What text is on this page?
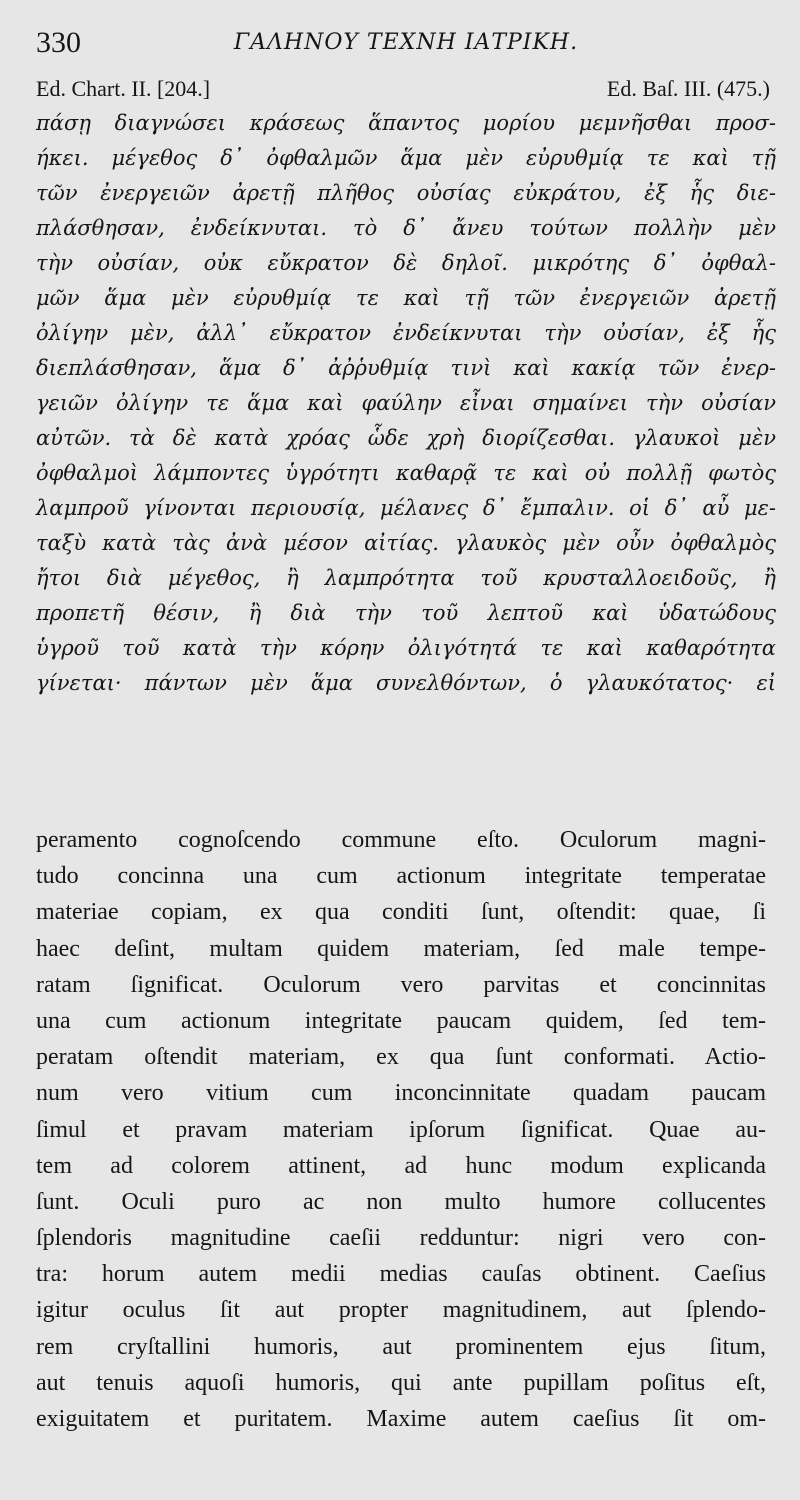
330	ΓΑΛΗΝΟΥ ΤΕΧΝΗ ΙΑΤΡΙΚΗ.
Ed. Chart. II. [204.]	Ed. Baſ. III. (475.)
πάσῃ διαγνώσει κράσεως ἅπαντος μορίου μεμνῆσθαι προσ-
ήκει. μέγεθος δ᾽ ὀφθαλμῶν ἅμα μὲν εὐρυθμίᾳ τε καὶ τῇ
τῶν ἐνεργειῶν ἀρετῇ πλῆθος οὐσίας εὐκράτου, ἐξ ἧς διε-
πλάσθησαν, ἐνδείκνυται. τὸ δ᾽ ἄνευ τούτων πολλὴν μὲν
τὴν οὐσίαν, οὐκ εὔκρατον δὲ δηλοῖ. μικρότης δ᾽ ὀφθαλ-
μῶν ἅμα μὲν εὐρυθμίᾳ τε καὶ τῇ τῶν ἐνεργειῶν ἀρετῇ
ὀλίγην μὲν, ἀλλ᾽ εὔκρατον ἐνδείκνυται τὴν οὐσίαν, ἐξ ἧς
διεπλάσθησαν, ἅμα δ᾽ ἀῤῥυθμίᾳ τινὶ καὶ κακίᾳ τῶν ἐνερ-
γειῶν ὀλίγην τε ἅμα καὶ φαύλην εἶναι σημαίνει τὴν οὐσίαν
αὐτῶν. τὰ δὲ κατὰ χρόας ὧδε χρὴ διορίζεσθαι. γλαυκοὶ μὲν
ὀφθαλμοὶ λάμποντες ὑγρότητι καθαρᾷ τε καὶ οὐ πολλῇ φωτὸς
λαμπροῦ γίνονται περιουσίᾳ, μέλανες δ᾽ ἔμπαλιν. οἱ δ᾽ αὖ με-
ταξὺ κατὰ τὰς ἀνὰ μέσον αἰτίας. γλαυκὸς μὲν οὖν ὀφθαλμὸς
ἤτοι διὰ μέγεθος, ἢ λαμπρότητα τοῦ κρυσταλλοειδοῦς, ἢ
προπετῆ θέσιν, ἢ διὰ τὴν τοῦ λεπτοῦ καὶ ὑδατώδους
ὑγροῦ τοῦ κατὰ τὴν κόρην ὀλιγότητά τε καὶ καθαρότητα
γίνεται· πάντων μὲν ἅμα συνελθόντων, ὁ γλαυκότατος· εἰ
peramento cognoſcendo commune eſto. Oculorum magni-
tudo concinna una cum actionum integritate temperatae
materiae copiam, ex qua conditi ſunt, oſtendit: quae, ſi
haec deſint, multam quidem materiam, ſed male tempe-
ratam ſignificat. Oculorum vero parvitas et concinnitas
una cum actionum integritate paucam quidem, ſed tem-
peratam oſtendit materiam, ex qua ſunt conformati. Actio-
num vero vitium cum inconcinnitate quadam paucam
ſimul et pravam materiam ipſorum ſignificat. Quae au-
tem ad colorem attinent, ad hunc modum explicanda
ſunt. Oculi puro ac non multo humore collucentes
ſplendoris magnitudine caeſii redduntur: nigri vero con-
tra: horum autem medii medias cauſas obtinent. Caeſius
igitur oculus ſit aut propter magnitudinem, aut ſplendo-
rem cryſtallini humoris, aut prominentem ejus ſitum,
aut tenuis aquoſi humoris, qui ante pupillam poſitus eſt,
exiguitatem et puritatem. Maxime autem caeſius ſit om-
